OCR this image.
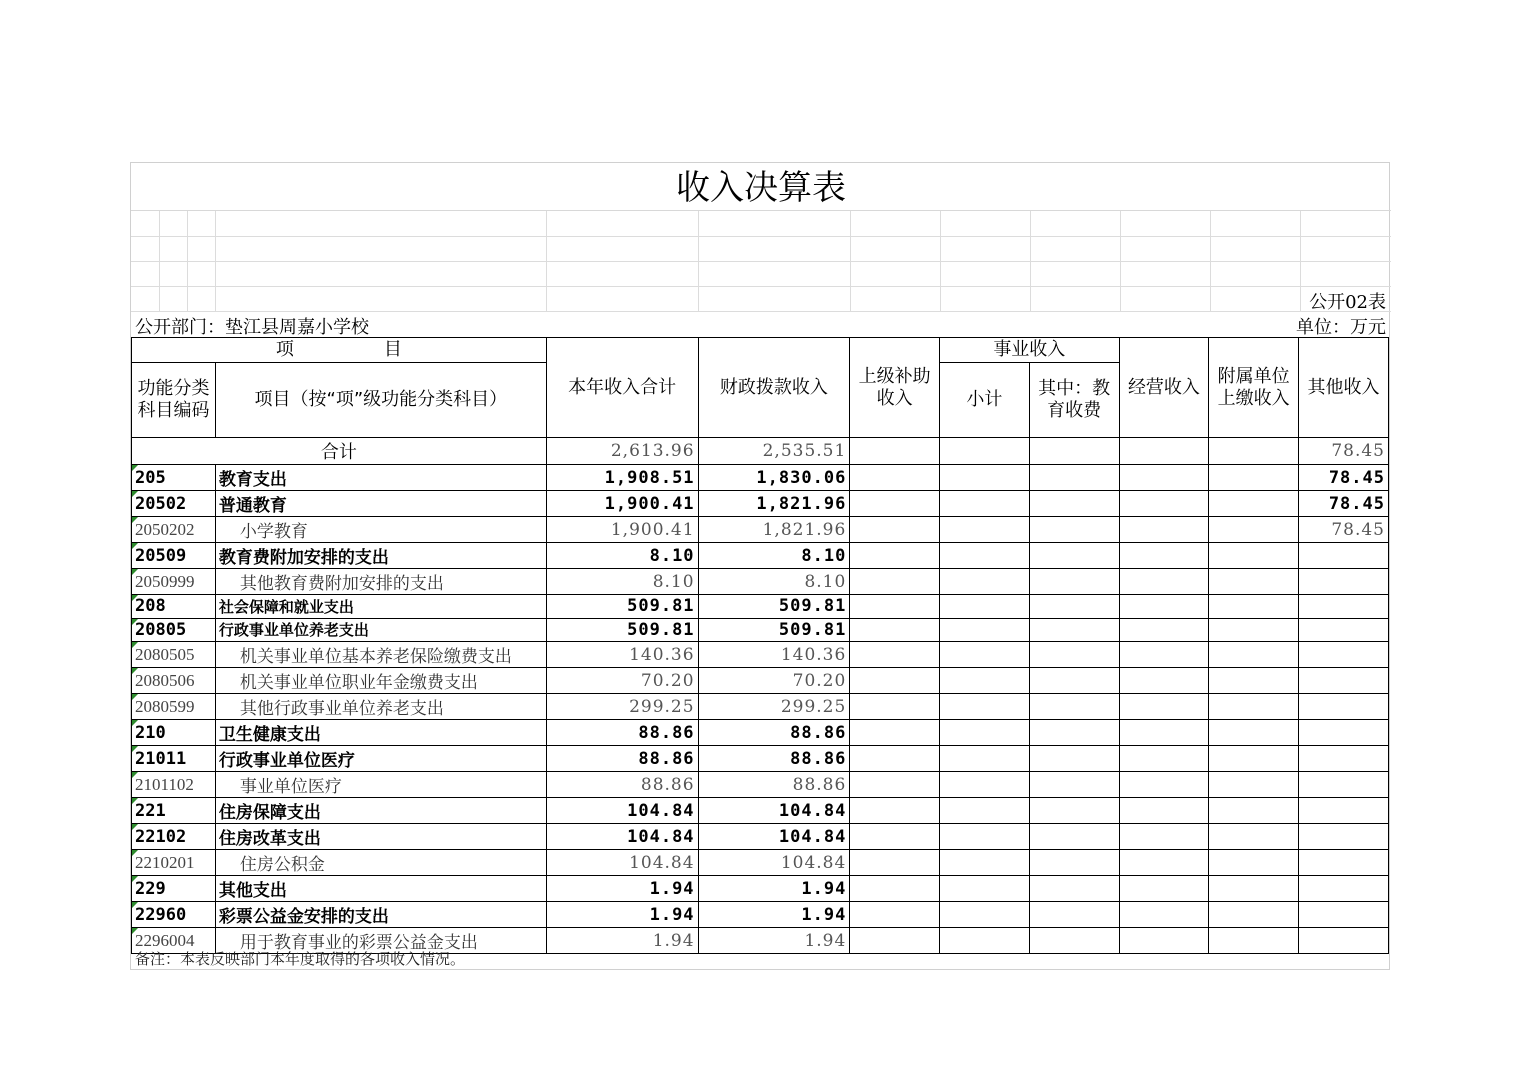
收入决算表
公开02表
公开部门：垫江县周嘉小学校	单位：万元
项　　　　　目		本年收入合计	财政拨款收入	上级补助收入	事业收入		经营收入	附属单位上缴收入	其他收入
功能分类科目编码	项目（按“项”级功能分类科目）				小计	其中：教育收费			
合计		2,613.96	2,535.51						78.45

205	教育支出	1,908.51	1,830.06						78.45

20502	普通教育	1,900.41	1,821.96						78.45

2050202	小学教育	1,900.41	1,821.96						78.45

20509	教育费附加安排的支出	8.10	8.10						

2050999	其他教育费附加安排的支出	8.10	8.10						

208	社会保障和就业支出	509.81	509.81						

20805	行政事业单位养老支出	509.81	509.81						

2080505	机关事业单位基本养老保险缴费支出	140.36	140.36						

2080506	机关事业单位职业年金缴费支出	70.20	70.20						

2080599	其他行政事业单位养老支出	299.25	299.25						

210	卫生健康支出	88.86	88.86						

21011	行政事业单位医疗	88.86	88.86						

2101102	事业单位医疗	88.86	88.86						

221	住房保障支出	104.84	104.84						

22102	住房改革支出	104.84	104.84						

2210201	住房公积金	104.84	104.84						

229	其他支出	1.94	1.94						

22960	彩票公益金安排的支出	1.94	1.94						

2296004	用于教育事业的彩票公益金支出	1.94	1.94						
备注：本表反映部门本年度取得的各项收入情况。
